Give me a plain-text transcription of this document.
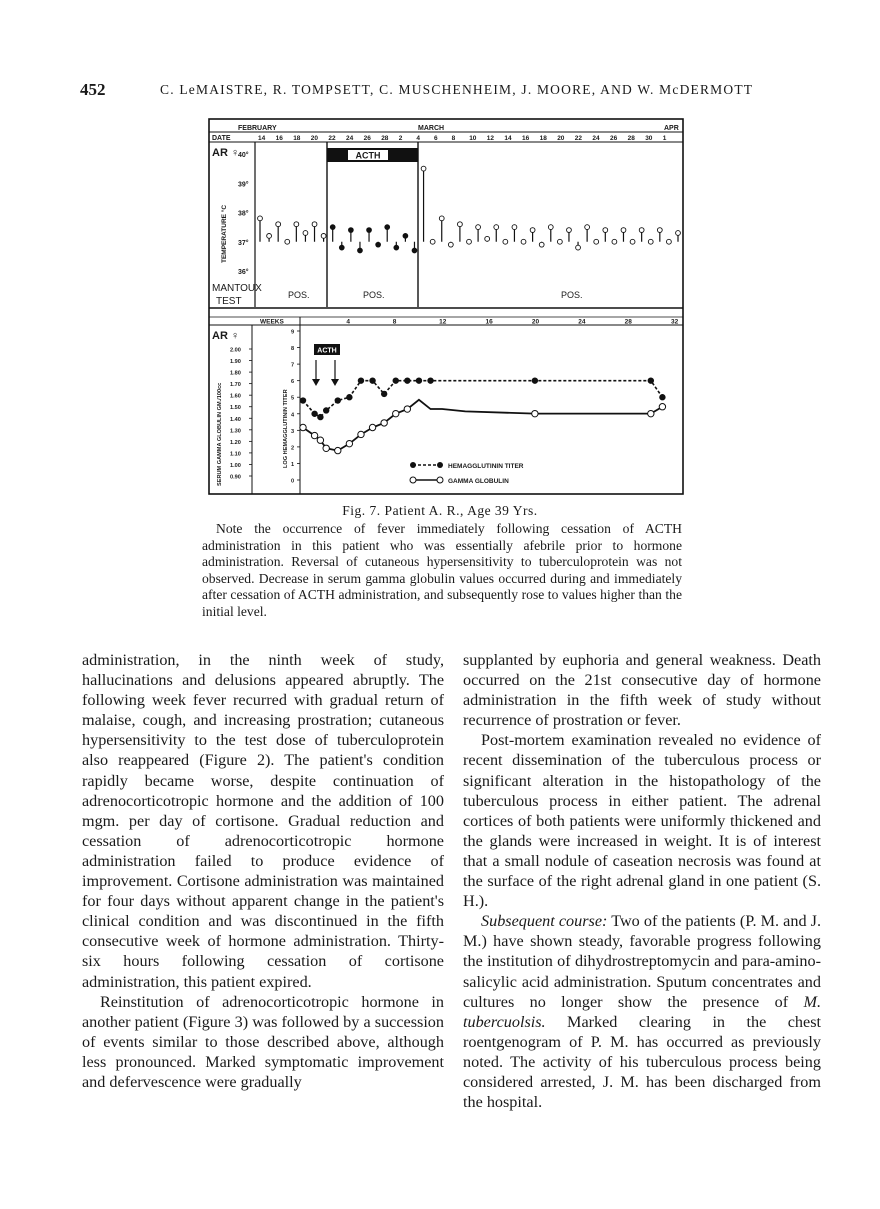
452	C. LeMAISTRE, R. TOMPSETT, C. MUSCHENHEIM, J. MOORE, AND W. McDERMOTT
FEBRUARY	MARCH	APR
DATE	14 16 18 20 22 24 26 28 2 4 6 8 10 12 14 16 18 20 22 24 26 28 30 1
AR ♀
TEMPERATURE °C
40°
39°
38°
37°
36°
ACTH
MANTOUX
TEST
POS.	POS.	POS.
WEEKS	4	8	12	16	20	24	28	32
AR ♀
SERUM GAMMA GLOBULIN GM./100cc	LOG HEMAGGLUTININ TITER
2.00
1.90
1.80
1.70
1.60
1.50
1.40
1.30
1.20
1.10
1.00
0.90
9
8
7
6
5
4
3
2
1
0
ACTH
HEMAGGLUTININ TITER
GAMMA GLOBULIN
Fig. 7. Patient A. R., Age 39 Yrs.
Note the occurrence of fever immediately following cessation of ACTH administration in this patient who was essentially afebrile prior to hormone administration. Reversal of cutaneous hypersensitivity to tuberculoprotein was not observed. Decrease in serum gamma globulin values occurred during and immediately after cessation of ACTH administration, and subsequently rose to values higher than the initial level.

administration, in the ninth week of study, hallucinations and delusions appeared abruptly. The following week fever recurred with gradual return of malaise, cough, and increasing prostration; cutaneous hypersensitivity to the test dose of tuberculoprotein also reappeared (Figure 2). The patient's condition rapidly became worse, despite continuation of adrenocorticotropic hormone and the addition of 100 mgm. per day of cortisone. Gradual reduction and cessation of adrenocorticotropic hormone administration failed to produce evidence of improvement. Cortisone administration was maintained for four days without apparent change in the patient's clinical condition and was discontinued in the fifth consecutive week of hormone administration. Thirty-six hours following cessation of cortisone administration, this patient expired.

Reinstitution of adrenocorticotropic hormone in another patient (Figure 3) was followed by a succession of events similar to those described above, although less pronounced. Marked symptomatic improvement and defervescence were gradually

supplanted by euphoria and general weakness. Death occurred on the 21st consecutive day of hormone administration in the fifth week of study without recurrence of prostration or fever.

Post-mortem examination revealed no evidence of recent dissemination of the tuberculous process or significant alteration in the histopathology of the tuberculous process in either patient. The adrenal cortices of both patients were uniformly thickened and the glands were increased in weight. It is of interest that a small nodule of caseation necrosis was found at the surface of the right adrenal gland in one patient (S. H.).

Subsequent course: Two of the patients (P. M. and J. M.) have shown steady, favorable progress following the institution of dihydrostreptomycin and para-amino-salicylic acid administration. Sputum concentrates and cultures no longer show the presence of M. tubercuolsis. Marked clearing in the chest roentgenogram of P. M. has occurred as previously noted. The activity of his tuberculous process being considered arrested, J. M. has been discharged from the hospital.
